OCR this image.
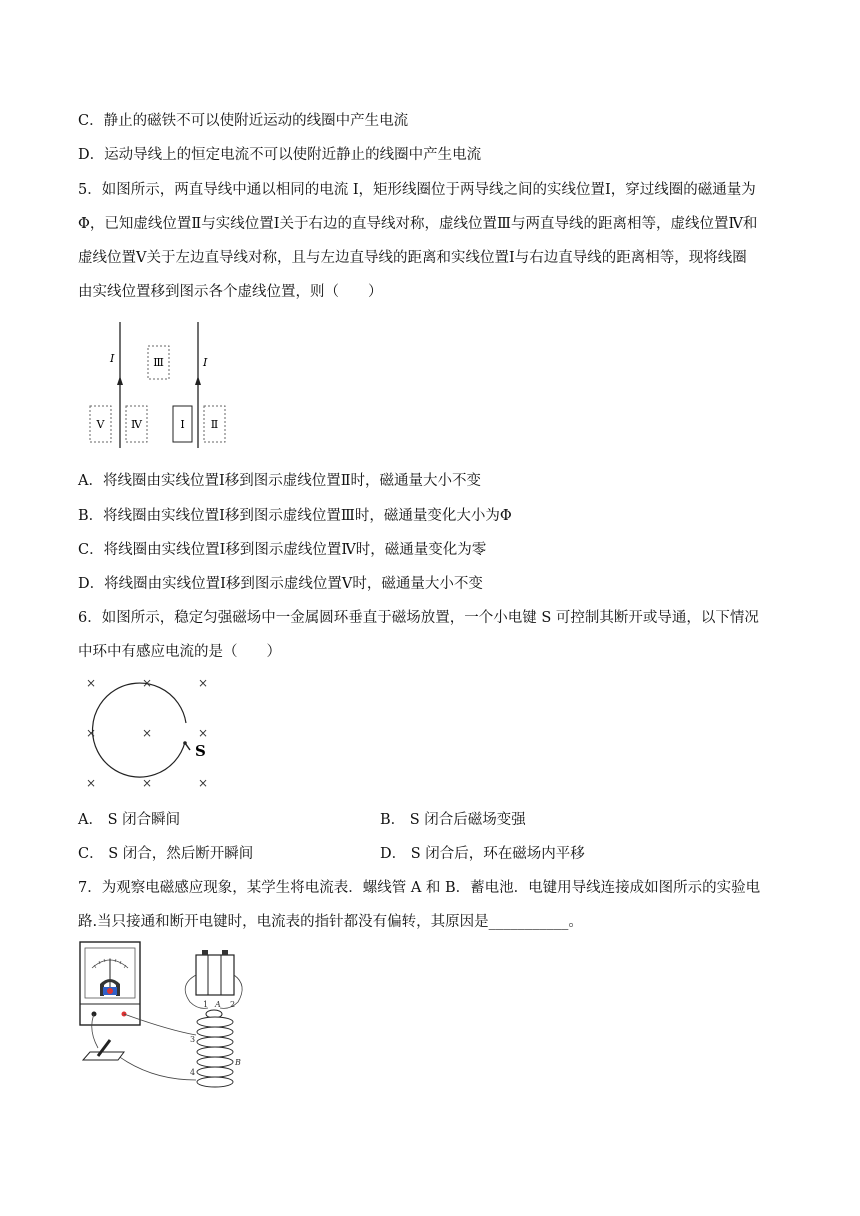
C．静止的磁铁不可以使附近运动的线圈中产生电流
D．运动导线上的恒定电流不可以使附近静止的线圈中产生电流
5．如图所示，两直导线中通以相同的电流 I，矩形线圈位于两导线之间的实线位置Ⅰ，穿过线圈的磁通量为
Φ，已知虚线位置Ⅱ与实线位置Ⅰ关于右边的直导线对称，虚线位置Ⅲ与两直导线的距离相等，虚线位置Ⅳ和
虚线位置Ⅴ关于左边直导线对称，且与左边直导线的距离和实线位置Ⅰ与右边直导线的距离相等，现将线圈
由实线位置移到图示各个虚线位置，则（　　）
I	I
Ⅴ Ⅳ	Ⅰ Ⅱ
Ⅲ
A．将线圈由实线位置Ⅰ移到图示虚线位置Ⅱ时，磁通量大小不变
B．将线圈由实线位置Ⅰ移到图示虚线位置Ⅲ时，磁通量变化大小为Φ
C．将线圈由实线位置Ⅰ移到图示虚线位置Ⅳ时，磁通量变化为零
D．将线圈由实线位置Ⅰ移到图示虚线位置Ⅴ时，磁通量大小不变
6．如图所示，稳定匀强磁场中一金属圆环垂直于磁场放置，一个小电键 S 可控制其断开或导通，以下情况
中环中有感应电流的是（　　）
×	×	×
×	×	×
×	×	×
S
A． S 闭合瞬间	B． S 闭合后磁场变强
C． S 闭合，然后断开瞬间	D． S 闭合后，环在磁场内平移
7．为观察电磁感应现象，某学生将电流表．螺线管 A 和 B．蓄电池．电键用导线连接成如图所示的实验电
路.当只接通和断开电键时，电流表的指针都没有偏转，其原因是___________。
1 A 2
3
4
B
